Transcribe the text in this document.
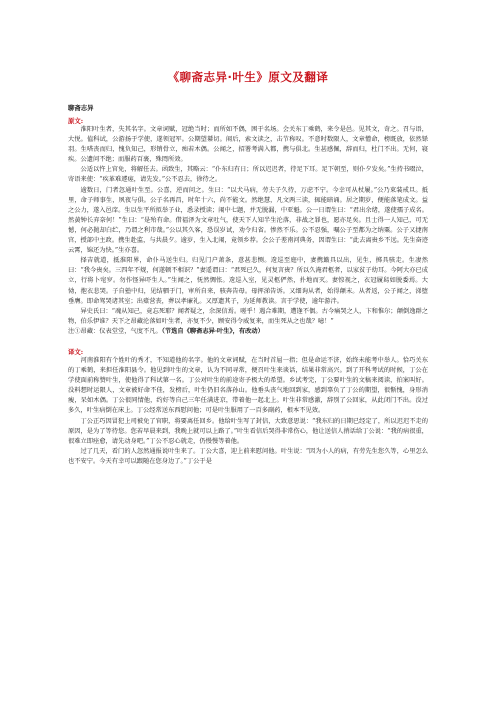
《聊斋志异·叶生》原文及翻译
聊斋志异
原文:

淮阳叶生者，失其名字。文章词赋，冠绝当时；而所如不偶，困于名场。会关东丁乘鹤，来令是邑。见其文，奇之。召与语，大悦。值科试，公游扬于学使，遂领冠军。公期望綦切。闱后，索文读之，击节称叹。不意时数限人，文章憎命，榜既放，依然铩羽。生嗒丧而归，愧负知己，形销骨立，痴若木偶。公闻之，招署考满入都，携与俱北。生甚感佩，辞而归，杜门不出。无何，寝疾。公遗问不绝；而服药百裹，殊罔所效。

公适以忤上官免，将解任去。函致生，其略云：“仆东归有日；所以迟迟者，待足下耳。足下朝至，则仆夕发矣。”生持书啜泣，寄语来使：“疾革难遽瘥，请先发。”公不忍去，徐待之。

逾数日，门者忽通叶生至。公喜，逆而问之。生曰：“以犬马病，劳夫子久待，万虑不宁。今幸可从杖履。”公乃束装戒旦。抵里，命子师事生，夙夜与俱。公子名再昌，时年十六，尚不能文。然绝慧，凡文两三读，辄能暗诵。居之期岁，便能落笔成文。益之公力，遂入邑庠。生以生平所拟举子业，悉录授读；闱中七题，并无脱漏，中亚魁。公一日谓生曰：“君出余绪，遂使孺子成名。然黄钟长弃奈何！”生曰：“是殆有命。借福泽为文章吐气，使天下人知半生沦落，非战之罪也，愿亦足矣。且士得一人知己，可无憾，何必抛却白纻，乃谓之利市哉。”公以其久客，恐误岁试，劝令归省。惨然不乐。公不忍强，嘱公子至都为之纳粟。公子又捷南宫，授部中主政。携生赴监，与共晨夕。逾岁，生入北闱，竟领乡荐。会公子差南河典务，因谓生曰：“此去离贵乡不远。先生奋迹云霄，锦还为快。”生亦喜。

择吉就道，抵淮阳界，命仆马送生归。归见门户萧条，意甚悲恻。逡巡至庭中，妻携簸具以出，见生，掷具骇走。生凄然曰：“我今贵矣。三四年不觌，何遂顿不相识？”妻遥谓曰：“君死已久，何复言贵？所以久淹君柩者，以家贫子幼耳。今阿大亦已成立，行将卜窀穸。勿作怪异吓生人。”生闻之，怃然惆怅。逡巡入室，见灵柩俨然，扑地而灭。妻惊视之，衣冠履舄如脱委焉。大恸，抱衣悲哭。子自塾中归，见结驷于门，审所自来，骇奔告母。母挥涕告诉。又细询从者，始得颠末。从者返，公子闻之，涕堕垂膺。即命驾哭诸其室；出橐营丧，葬以孝廉礼。又厚遗其子，为延师教读。言于学使，逾年游泮。

异史氏曰：“魂从知己，竟忘死耶？闻者疑之，余深信焉。嗟乎！遇合难期，遭逢不偶。古今痛哭之人，卞和惟尔；颠倒逸群之物，伯乐伊谁？天下之昂藏沦落如叶生者，亦复不少，顾安得令威复来，而生死从之也哉？噫！”

注①昂藏：仪表堂堂，气度不凡。（节选自《聊斋志异·叶生》，有改动）

译文:

河南淮阳有个姓叶的秀才，不知道他的名字。他的文章词赋，在当时首屈一指；但是命运不济，始终未能考中举人。恰巧关东的丁乘鹤，来担任淮阳县令。他见到叶生的文章，认为不同寻常，便召叶生来谈话，结果非常高兴。到了开科考试的时候，丁公在学使面前称赞叶生，使他得了科试第一名。丁公对叶生的前途寄予极大的希望。乡试考完，丁公要叶生的文稿来阅读，拍案叫好。没料想时运限人，文章被好命不佳，发榜后，叶生仍旧名落孙山。他垂头丧气地回到家，感到辜负了丁公的期望，很惭愧，身形消瘦，呆如木偶。丁公很同情他，约好等自己三年任满进京，带着他一起北上。叶生非常感激，辞别了公回家，从此闭门不出。没过多久，叶生病倒在床上。丁公经常送东西慰问他；可是叶生服用了一百多副药，根本不见效。

丁公正巧因冒犯上司被免了官职，将要离任回乡。他给叶生写了封信，大致意思说：“我东归的日期已经定了，所以迟迟不走的原因，是为了等待您。您若早晨来到，我晚上就可以上路了。”叶生看信后哭得非常伤心，他让送信人捎话给丁公说：“我的病很重，很难立即痊愈，请先动身吧。”丁公不忍心就走，仍慢慢等着他。

过了几天，看门的人忽然通报说叶生来了。丁公大喜，迎上前来慰问他。叶生说：“因为小人的病，有劳先生您久等，心里怎么也不安宁。今天有幸可以跟随在您身边了。”丁公于是
